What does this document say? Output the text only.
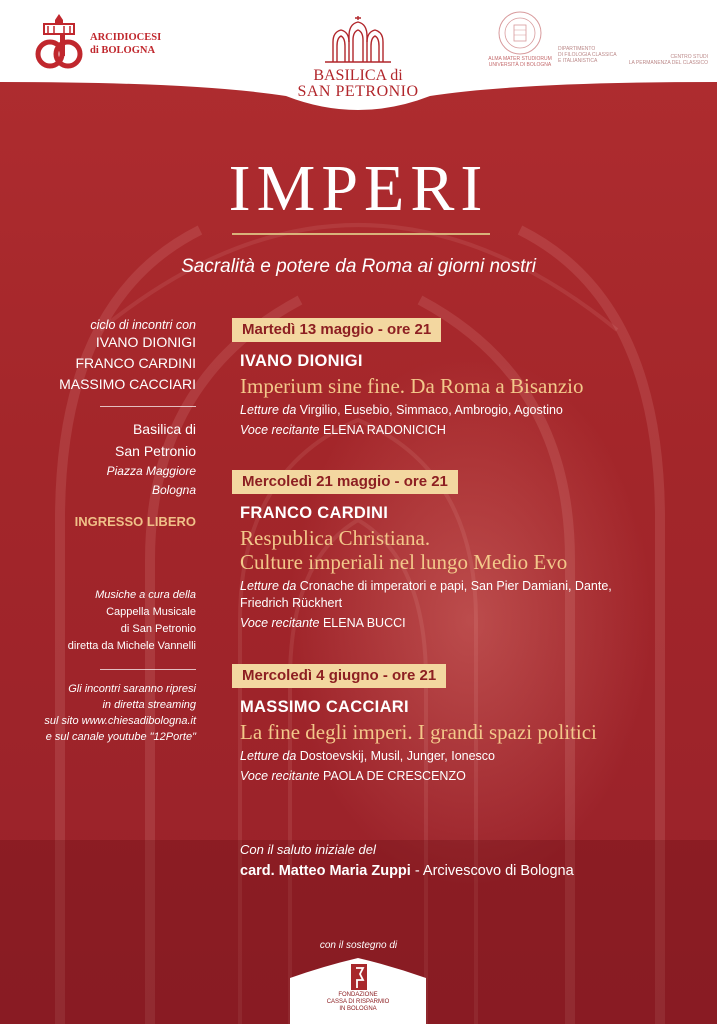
ARCIDIOCESI
di BOLOGNA
BASILICA di
SAN PETRONIO
ALMA MATER STUDIORUM
UNIVERSITÀ DI BOLOGNA
DIPARTIMENTO
DI FILOLOGIA CLASSICA
E ITALIANISTICA
CENTRO STUDI
LA PERMANENZA DEL CLASSICO
IMPERI
Sacralità e potere da Roma ai giorni nostri
ciclo di incontri con
IVANO DIONIGI
FRANCO CARDINI
MASSIMO CACCIARI
Basilica di
San Petronio
Piazza Maggiore
Bologna
INGRESSO LIBERO
Musiche a cura della
Cappella Musicale
di San Petronio
diretta da Michele Vannelli
Gli incontri saranno ripresi
in diretta streaming
sul sito www.chiesadibologna.it
e sul canale youtube "12Porte"
Martedì 13 maggio - ore 21
IVANO DIONIGI
Imperium sine fine. Da Roma a Bisanzio
Letture da Virgilio, Eusebio, Simmaco, Ambrogio, Agostino
Voce recitante ELENA RADONICICH
Mercoledì 21 maggio - ore 21
FRANCO CARDINI
Respublica Christiana.
Culture imperiali nel lungo Medio Evo
Letture da Cronache di imperatori e papi, San Pier Damiani, Dante, Friedrich Rückhert
Voce recitante ELENA BUCCI
Mercoledì 4 giugno - ore 21
MASSIMO CACCIARI
La fine degli imperi. I grandi spazi politici
Letture da Dostoevskij, Musil, Junger, Ionesco
Voce recitante PAOLA DE CRESCENZO
Con il saluto iniziale del
card. Matteo Maria Zuppi - Arcivescovo di Bologna
con il sostegno di
FONDAZIONE
CASSA DI RISPARMIO
IN BOLOGNA
